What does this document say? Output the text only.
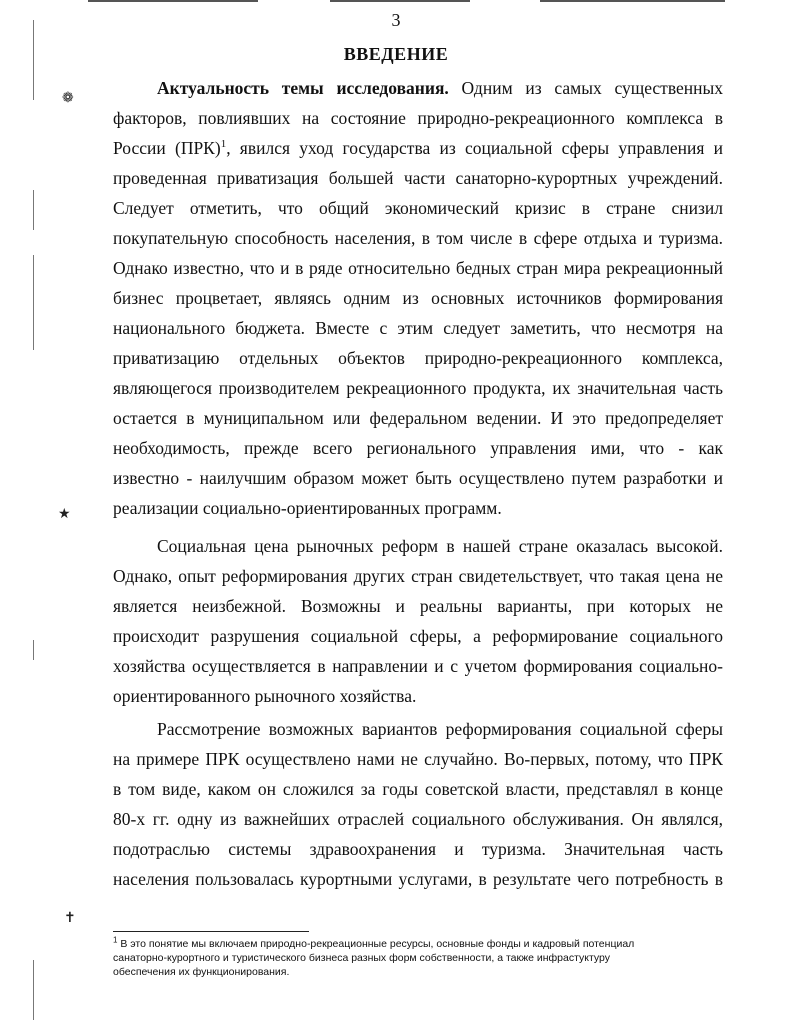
❁
★
✝
3
ВВЕДЕНИЕ
Актуальность темы исследования. Одним из самых существенных
факторов, повлиявших на состояние природно-рекреационного комплекса в
России (ПРК)$^1$, явился уход государства из социальной сферы управления и
проведенная приватизация большей части санаторно-курортных учреждений.
Следует отметить, что общий экономический кризис в стране снизил
покупательную способность населения, в том числе в сфере отдыха и туризма.
Однако известно, что и в ряде относительно бедных стран мира рекреационный
бизнес процветает, являясь одним из основных источников формирования
национального бюджета. Вместе с этим следует заметить, что несмотря на
приватизацию отдельных объектов природно-рекреационного комплекса,
являющегося производителем рекреационного продукта, их значительная часть
остается в муниципальном или федеральном ведении. И это предопределяет
необходимость, прежде всего регионального управления ими, что - как
известно - наилучшим образом может быть осуществлено путем разработки и
реализации социально-ориентированных программ.
Социальная цена рыночных реформ в нашей стране оказалась высокой.
Однако, опыт реформирования других стран свидетельствует, что такая цена не
является неизбежной. Возможны и реальны варианты, при которых не
происходит разрушения социальной сферы, а реформирование социального
хозяйства осуществляется в направлении и с учетом формирования социально-
ориентированного рыночного хозяйства.
Рассмотрение возможных вариантов реформирования социальной сферы
на примере ПРК осуществлено нами не случайно. Во-первых, потому, что ПРК
в том виде, каком он сложился за годы советской власти, представлял в конце
80-х гг. одну из важнейших отраслей социального обслуживания. Он являлся,
подотраслью системы здравоохранения и туризма. Значительная часть
населения пользовалась курортными услугами, в результате чего потребность в
$^1$ В это понятие мы включаем природно-рекреационные ресурсы, основные фонды и кадровый потенциал
санаторно-курортного и туристического бизнеса разных форм собственности, а также инфрастуктуру
обеспечения их функционирования.
